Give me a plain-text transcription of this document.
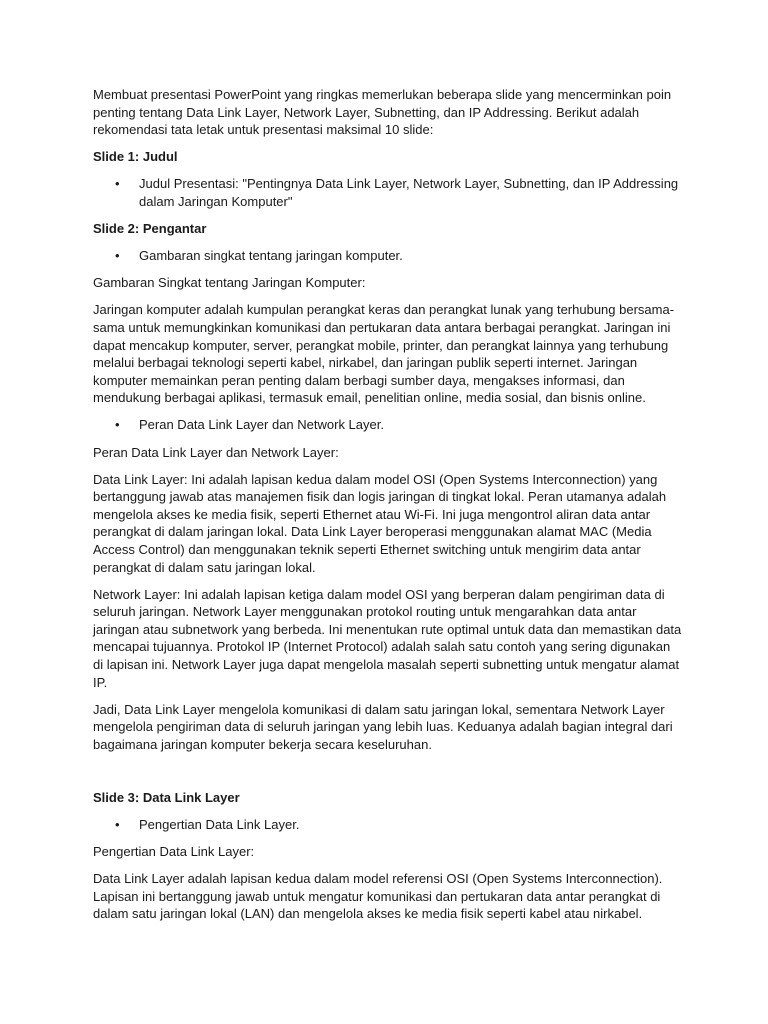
Membuat presentasi PowerPoint yang ringkas memerlukan beberapa slide yang mencerminkan poin penting tentang Data Link Layer, Network Layer, Subnetting, dan IP Addressing. Berikut adalah rekomendasi tata letak untuk presentasi maksimal 10 slide:

Slide 1: Judul

• Judul Presentasi: "Pentingnya Data Link Layer, Network Layer, Subnetting, dan IP Addressing dalam Jaringan Komputer"

Slide 2: Pengantar

• Gambaran singkat tentang jaringan komputer.

Gambaran Singkat tentang Jaringan Komputer:

Jaringan komputer adalah kumpulan perangkat keras dan perangkat lunak yang terhubung bersama-sama untuk memungkinkan komunikasi dan pertukaran data antara berbagai perangkat. Jaringan ini dapat mencakup komputer, server, perangkat mobile, printer, dan perangkat lainnya yang terhubung melalui berbagai teknologi seperti kabel, nirkabel, dan jaringan publik seperti internet. Jaringan komputer memainkan peran penting dalam berbagi sumber daya, mengakses informasi, dan mendukung berbagai aplikasi, termasuk email, penelitian online, media sosial, dan bisnis online.

• Peran Data Link Layer dan Network Layer.

Peran Data Link Layer dan Network Layer:

Data Link Layer: Ini adalah lapisan kedua dalam model OSI (Open Systems Interconnection) yang bertanggung jawab atas manajemen fisik dan logis jaringan di tingkat lokal. Peran utamanya adalah mengelola akses ke media fisik, seperti Ethernet atau Wi-Fi. Ini juga mengontrol aliran data antar perangkat di dalam jaringan lokal. Data Link Layer beroperasi menggunakan alamat MAC (Media Access Control) dan menggunakan teknik seperti Ethernet switching untuk mengirim data antar perangkat di dalam satu jaringan lokal.

Network Layer: Ini adalah lapisan ketiga dalam model OSI yang berperan dalam pengiriman data di seluruh jaringan. Network Layer menggunakan protokol routing untuk mengarahkan data antar jaringan atau subnetwork yang berbeda. Ini menentukan rute optimal untuk data dan memastikan data mencapai tujuannya. Protokol IP (Internet Protocol) adalah salah satu contoh yang sering digunakan di lapisan ini. Network Layer juga dapat mengelola masalah seperti subnetting untuk mengatur alamat IP.

Jadi, Data Link Layer mengelola komunikasi di dalam satu jaringan lokal, sementara Network Layer mengelola pengiriman data di seluruh jaringan yang lebih luas. Keduanya adalah bagian integral dari bagaimana jaringan komputer bekerja secara keseluruhan.

Slide 3: Data Link Layer

• Pengertian Data Link Layer.

Pengertian Data Link Layer:

Data Link Layer adalah lapisan kedua dalam model referensi OSI (Open Systems Interconnection). Lapisan ini bertanggung jawab untuk mengatur komunikasi dan pertukaran data antar perangkat di dalam satu jaringan lokal (LAN) dan mengelola akses ke media fisik seperti kabel atau nirkabel.
